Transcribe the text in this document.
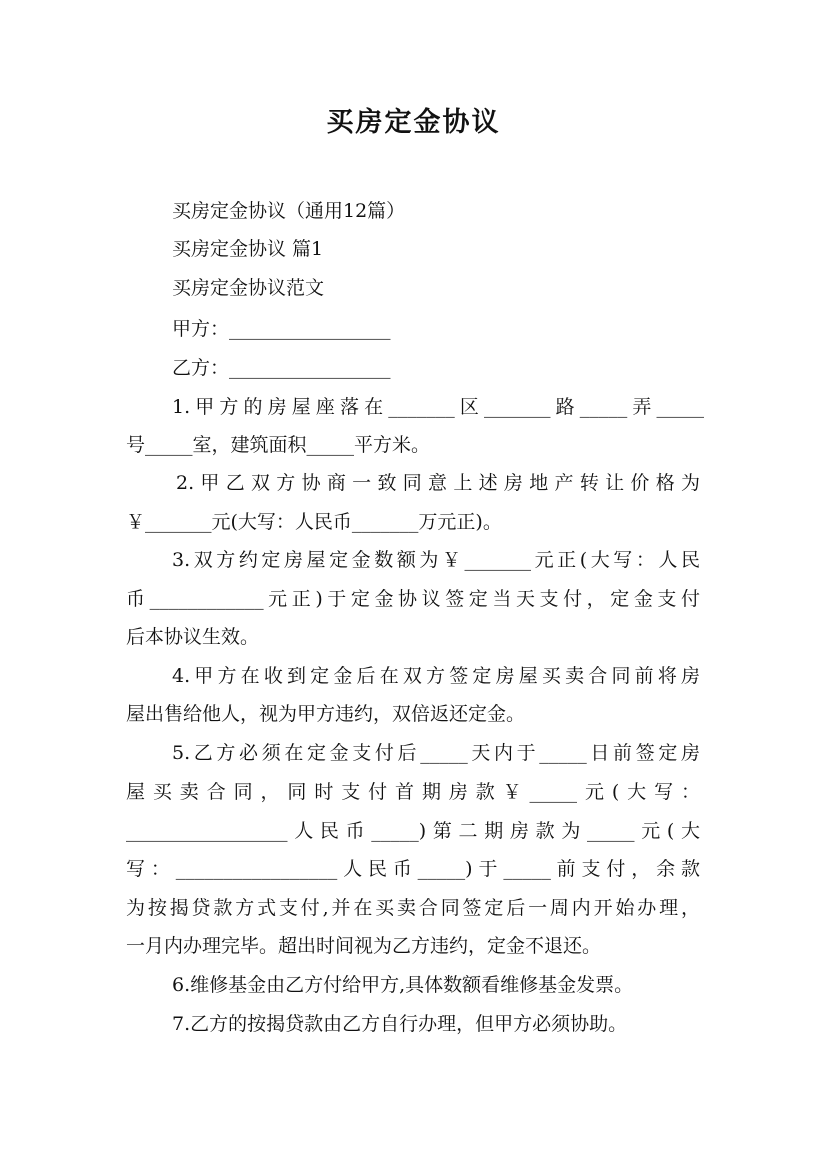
买房定金协议
买房定金协议（通用12篇）
买房定金协议 篇1
买房定金协议范文
甲方：_________________
乙方：_________________
1.甲方的房屋座落在_______区_______路_____弄_____
号_____室，建筑面积_____平方米。
2.甲乙双方协商一致同意上述房地产转让价格为
￥_______元(大写：人民币_______万元正)。
3.双方约定房屋定金数额为￥_______元正(大写：人民
币____________元正)于定金协议签定当天支付，定金支付
后本协议生效。
4.甲方在收到定金后在双方签定房屋买卖合同前将房
屋出售给他人，视为甲方违约，双倍返还定金。
5.乙方必须在定金支付后_____天内于_____日前签定房
屋买卖合同，同时支付首期房款￥_____元(大写：
_________________人民币_____)第二期房款为_____元(大
写：_________________人民币_____)于_____前支付，余款
为按揭贷款方式支付,并在买卖合同签定后一周内开始办理，
一月内办理完毕。超出时间视为乙方违约，定金不退还。
6.维修基金由乙方付给甲方,具体数额看维修基金发票。
7.乙方的按揭贷款由乙方自行办理，但甲方必须协助。
